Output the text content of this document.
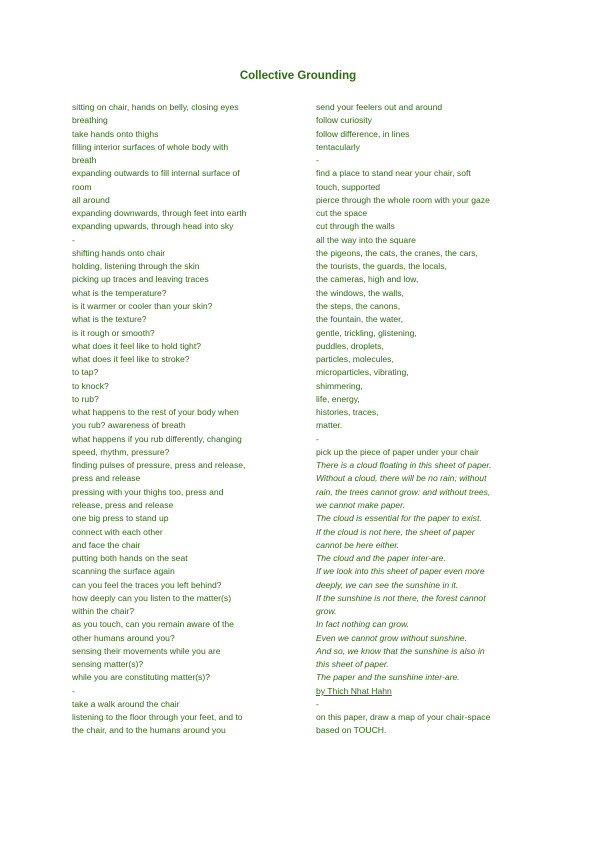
Collective Grounding
sitting on chair, hands on belly, closing eyes
breathing
take hands onto thighs
filling interior surfaces of whole body with
breath
expanding outwards to fill internal surface of
room
all around
expanding downwards, through feet into earth
expanding upwards, through head into sky
-
shifting hands onto chair
holding, listening through the skin
picking up traces and leaving traces
what is the temperature?
is it warmer or cooler than your skin?
what is the texture?
is it rough or smooth?
what does it feel like to hold tight?
what does it feel like to stroke?
to tap?
to knock?
to rub?
what happens to the rest of your body when
you rub? awareness of breath
what happens if you rub differently, changing
speed, rhythm, pressure?
finding pulses of pressure, press and release,
press and release
pressing with your thighs too, press and
release, press and release
one big press to stand up
connect with each other
and face the chair
putting both hands on the seat
scanning the surface again
can you feel the traces you left behind?
how deeply can you listen to the matter(s)
within the chair?
as you touch, can you remain aware of the
other humans around you?
sensing their movements while you are
sensing matter(s)?
while you are constituting matter(s)?
-
take a walk around the chair
listening to the floor through your feet, and to
the chair, and to the humans around you
send your feelers out and around
follow curiosity
follow difference, in lines
tentacularly
-
find a place to stand near your chair, soft
touch, supported
pierce through the whole room with your gaze
cut the space
cut through the walls
all the way into the square
the pigeons, the cats, the cranes, the cars,
the tourists, the guards, the locals,
the cameras, high and low,
the windows, the walls,
the steps, the canons,
the fountain, the water,
gentle, trickling, glistening,
puddles, droplets,
particles, molecules,
microparticles, vibrating,
shimmering,
life, energy,
histories, traces,
matter.
-
pick up the piece of paper under your chair
There is a cloud floating in this sheet of paper.
Without a cloud, there will be no rain; without
rain, the trees cannot grow: and without trees,
we cannot make paper.
The cloud is essential for the paper to exist.
If the cloud is not here, the sheet of paper
cannot be here either.
The cloud and the paper inter-are.
If we look into this sheet of paper even more
deeply, we can see the sunshine in it.
If the sunshine is not there, the forest cannot
grow.
In fact nothing can grow.
Even we cannot grow without sunshine.
And so, we know that the sunshine is also in
this sheet of paper.
The paper and the sunshine inter-are.
by Thich Nhat Hahn
-
on this paper, draw a map of your chair-space
based on TOUCH.
